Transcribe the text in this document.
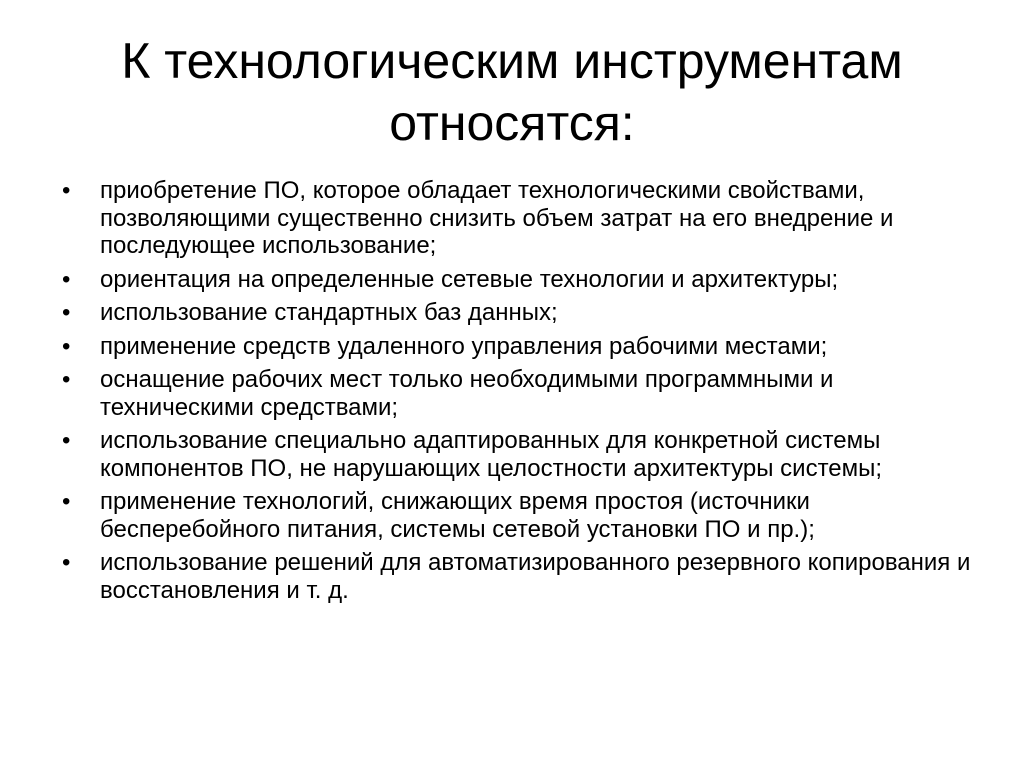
К технологическим инструментам
относятся:
•	приобретение ПО, которое обладает технологическими свойствами, позволяющими существенно снизить объем затрат на его внедрение и последующее использование;
•	ориентация на определенные сетевые технологии и архитектуры;
•	использование стандартных баз данных;
•	применение средств удаленного управления рабочими местами;
•	оснащение рабочих мест только необходимыми программными и техническими средствами;
•	использование специально адаптированных для конкретной системы компонентов ПО, не нарушающих целостности архитектуры системы;
•	применение технологий, снижающих время простоя (источники бесперебойного питания, системы сетевой установки ПО и пр.);
•	использование решений для автоматизированного резервного копирования и восстановления и т. д.
